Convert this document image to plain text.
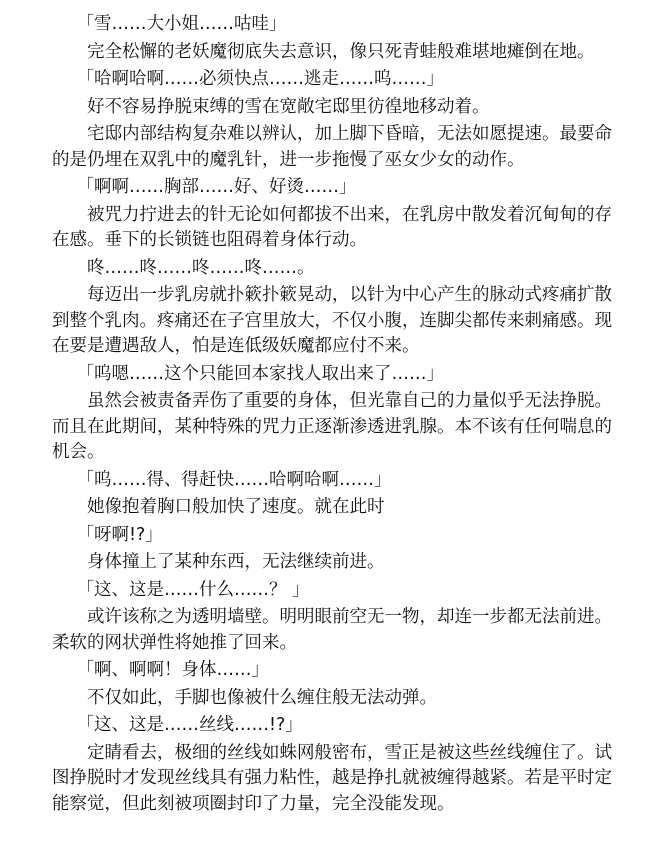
「雪……大小姐……咕哇」

完全松懈的老妖魔彻底失去意识，像只死青蛙般难堪地瘫倒在地。

「哈啊哈啊……必须快点……逃走……呜……」

好不容易挣脱束缚的雪在宽敞宅邸里彷徨地移动着。

宅邸内部结构复杂难以辨认，加上脚下昏暗，无法如愿提速。最要命的是仍埋在双乳中的魔乳针，进一步拖慢了巫女少女的动作。

「啊啊……胸部……好、好烫……」

被咒力拧进去的针无论如何都拔不出来，在乳房中散发着沉甸甸的存在感。垂下的长锁链也阻碍着身体行动。

咚……咚……咚……咚……。

每迈出一步乳房就扑簌扑簌晃动，以针为中心产生的脉动式疼痛扩散到整个乳肉。疼痛还在子宫里放大，不仅小腹，连脚尖都传来刺痛感。现在要是遭遇敌人，怕是连低级妖魔都应付不来。

「呜嗯……这个只能回本家找人取出来了……」

虽然会被责备弄伤了重要的身体，但光靠自己的力量似乎无法挣脱。而且在此期间，某种特殊的咒力正逐渐渗透进乳腺。本不该有任何喘息的机会。

「呜……得、得赶快……哈啊哈啊……」

她像抱着胸口般加快了速度。就在此时

「呀啊!?」

身体撞上了某种东西，无法继续前进。

「这、这是……什么……？ 」

或许该称之为透明墙壁。明明眼前空无一物，却连一步都无法前进。柔软的网状弹性将她推了回来。

「啊、啊啊！身体……」

不仅如此，手脚也像被什么缠住般无法动弹。

「这、这是……丝线……!?」

定睛看去，极细的丝线如蛛网般密布，雪正是被这些丝线缠住了。试图挣脱时才发现丝线具有强力粘性，越是挣扎就被缠得越紧。若是平时定能察觉，但此刻被项圈封印了力量，完全没能发现。
